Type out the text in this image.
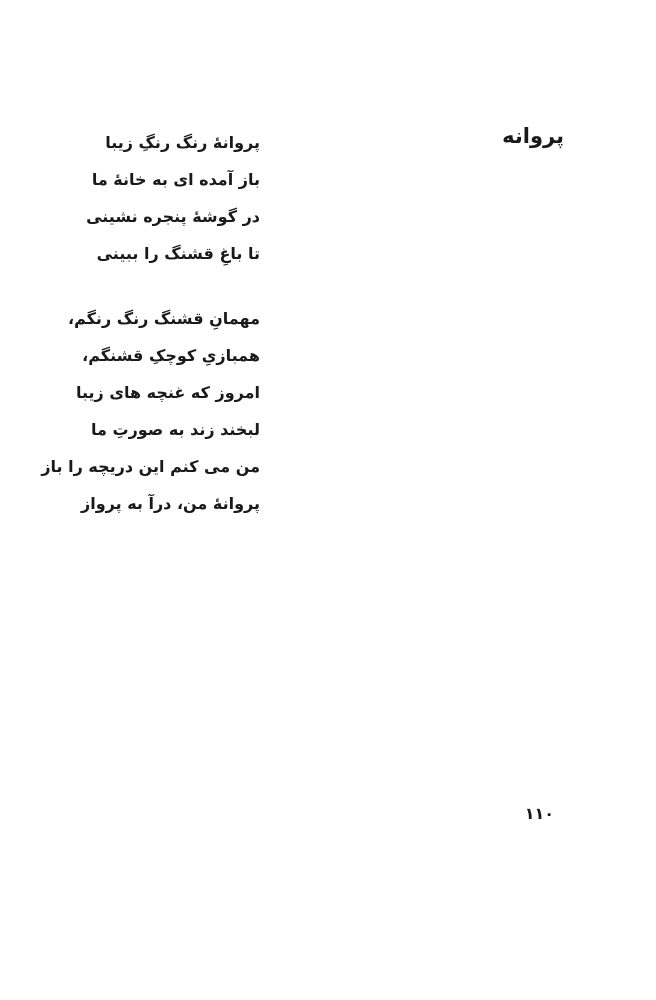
پروانه
پروانهٔ رنگ رنگِ زیبا
باز آمده ای به خانهٔ ما
در گوشهٔ پنجره نشینی
تا باغِ قشنگ را ببینی
مهمانِ قشنگ رنگ رنگم،
همبازیِ کوچکِ قشنگم،
امروز که غنچه های زیبا
لبخند زند به صورتِ ما
من می کنم این دریچه را باز
پروانهٔ من، درآ به پرواز
۱۱۰
